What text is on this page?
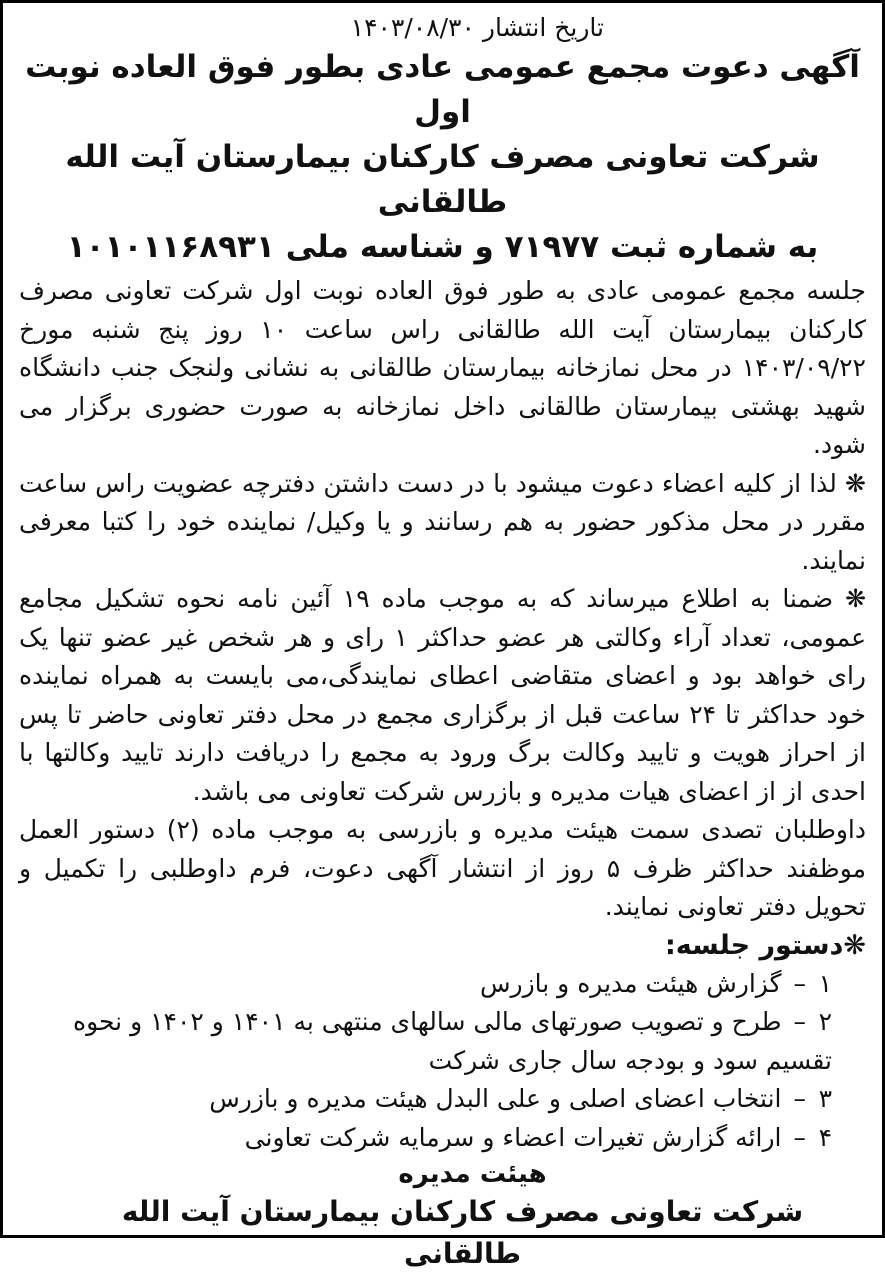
تاریخ انتشار ۱۴۰۳/۰۸/۳۰
آگهی دعوت مجمع عمومی عادی بطور فوق العاده نوبت اول
شرکت تعاونی مصرف کارکنان بیمارستان آیت الله طالقانی
به شماره ثبت ۷۱۹۷۷ و شناسه ملی ۱۰۱۰۱۱۶۸۹۳۱

جلسه مجمع عمومی عادی به طور فوق العاده نوبت اول شرکت تعاونی مصرف کارکنان بیمارستان آیت الله طالقانی راس ساعت ۱۰ روز پنج شنبه مورخ ۱۴۰۳/۰۹/۲۲ در محل نمازخانه بیمارستان طالقانی به نشانی ولنجک جنب دانشگاه شهید بهشتی بیمارستان طالقانی داخل نمازخانه به صورت حضوری برگزار می شود.

❋ لذا از کلیه اعضاء دعوت میشود با در دست داشتن دفترچه عضویت راس ساعت مقرر در محل مذکور حضور به هم رسانند و یا وکیل/ نماینده خود را کتبا معرفی نمایند.

❋ ضمنا به اطلاع میرساند که به موجب ماده ۱۹ آئین نامه نحوه تشکیل مجامع عمومی، تعداد آراء وکالتی هر عضو حداکثر ۱ رای و هر شخص غیر عضو تنها یک رای خواهد بود و اعضای متقاضی اعطای نمایندگی،می بایست به همراه نماینده خود حداکثر تا ۲۴ ساعت قبل از برگزاری مجمع در محل دفتر تعاونی حاضر تا پس از احراز هویت و تایید وکالت برگ ورود به مجمع را دریافت دارند تایید وکالتها با احدی از از اعضای هیات مدیره و بازرس شرکت تعاونی می باشد.

داوطلبان تصدی سمت هیئت مدیره و بازرسی به موجب ماده (۲) دستور العمل موظفند حداکثر ظرف ۵ روز از انتشار آگهی دعوت، فرم داوطلبی را تکمیل و تحویل دفتر تعاونی نمایند.

❋دستور جلسه:

۱–گزارش هیئت مدیره و بازرس
۲–طرح و تصویب صورتهای مالی سالهای منتهی به ۱۴۰۱ و ۱۴۰۲ و نحوه تقسیم سود و بودجه سال جاری شرکت
۳–انتخاب اعضای اصلی و علی البدل هیئت مدیره و بازرس
۴–ارائه گزارش تغیرات اعضاء و سرمایه شرکت تعاونی

هیئت مدیره

شرکت تعاونی مصرف کارکنان بیمارستان آیت الله طالقانی
